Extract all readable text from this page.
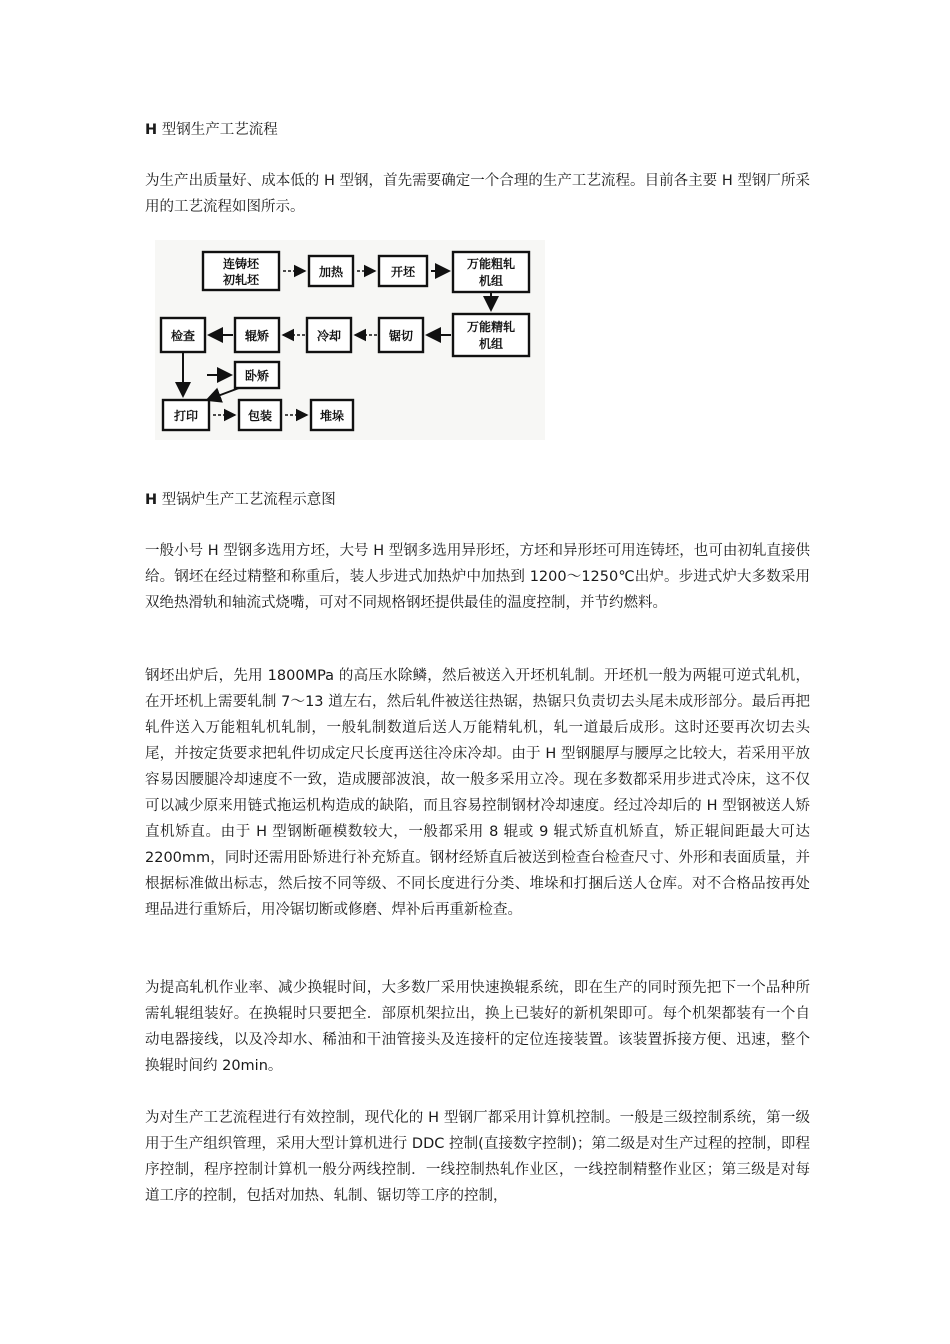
H 型钢生产工艺流程

为生产出质量好、成本低的 H 型钢，首先需要确定一个合理的生产工艺流程。目前各主要 H 型钢厂所采用的工艺流程如图所示。

连铸坯
初轧坯
加热	开坯
万能粗轧
机组
检查	辊矫	冷却	锯切
万能精轧
机组
卧矫
打印	包装	堆垛

H 型锅炉生产工艺流程示意图

一般小号 H 型钢多选用方坯，大号 H 型钢多选用异形坯，方坯和异形坯可用连铸坯，也可由初轧直接供给。钢坯在经过精整和称重后，装人步进式加热炉中加热到 1200～1250℃出炉。步进式炉大多数采用双绝热滑轨和轴流式烧嘴，可对不同规格钢坯提供最佳的温度控制，并节约燃料。

钢坯出炉后，先用 1800MPa 的高压水除鳞，然后被送入开坯机轧制。开坯机一般为两辊可逆式轧机，在开坯机上需要轧制 7～13 道左右，然后轧件被送往热锯，热锯只负责切去头尾未成形部分。最后再把轧件送入万能粗轧机轧制，一般轧制数道后送人万能精轧机，轧一道最后成形。这时还要再次切去头尾，并按定货要求把轧件切成定尺长度再送往冷床冷却。由于 H 型钢腿厚与腰厚之比较大，若采用平放容易因腰腿冷却速度不一致，造成腰部波浪，故一般多采用立冷。现在多数都采用步进式冷床，这不仅可以减少原来用链式拖运机构造成的缺陷，而且容易控制钢材冷却速度。经过冷却后的 H 型钢被送人矫直机矫直。由于 H 型钢断砸模数较大，一般都采用 8 辊或 9 辊式矫直机矫直，矫正辊间距最大可达 2200mm，同时还需用卧矫进行补充矫直。钢材经矫直后被送到检查台检查尺寸、外形和表面质量，并根据标准做出标志，然后按不同等级、不同长度进行分类、堆垛和打捆后送人仓库。对不合格品按再处理品进行重矫后，用冷锯切断或修磨、焊补后再重新检查。

为提高轧机作业率、减少换辊时间，大多数厂采用快速换辊系统，即在生产的同时预先把下一个品种所需轧辊组装好。在换辊时只要把全．部原机架拉出，换上已装好的新机架即可。每个机架都装有一个自动电器接线，以及冷却水、稀油和干油管接头及连接杆的定位连接装置。该装置拆接方便、迅速，整个换辊时间约 20min。

为对生产工艺流程进行有效控制，现代化的 H 型钢厂都采用计算机控制。一般是三级控制系统，第一级用于生产组织管理，采用大型计算机进行 DDC 控制(直接数字控制)；第二级是对生产过程的控制，即程序控制，程序控制计算机一般分两线控制．一线控制热轧作业区，一线控制精整作业区；第三级是对每道工序的控制，包括对加热、轧制、锯切等工序的控制，
